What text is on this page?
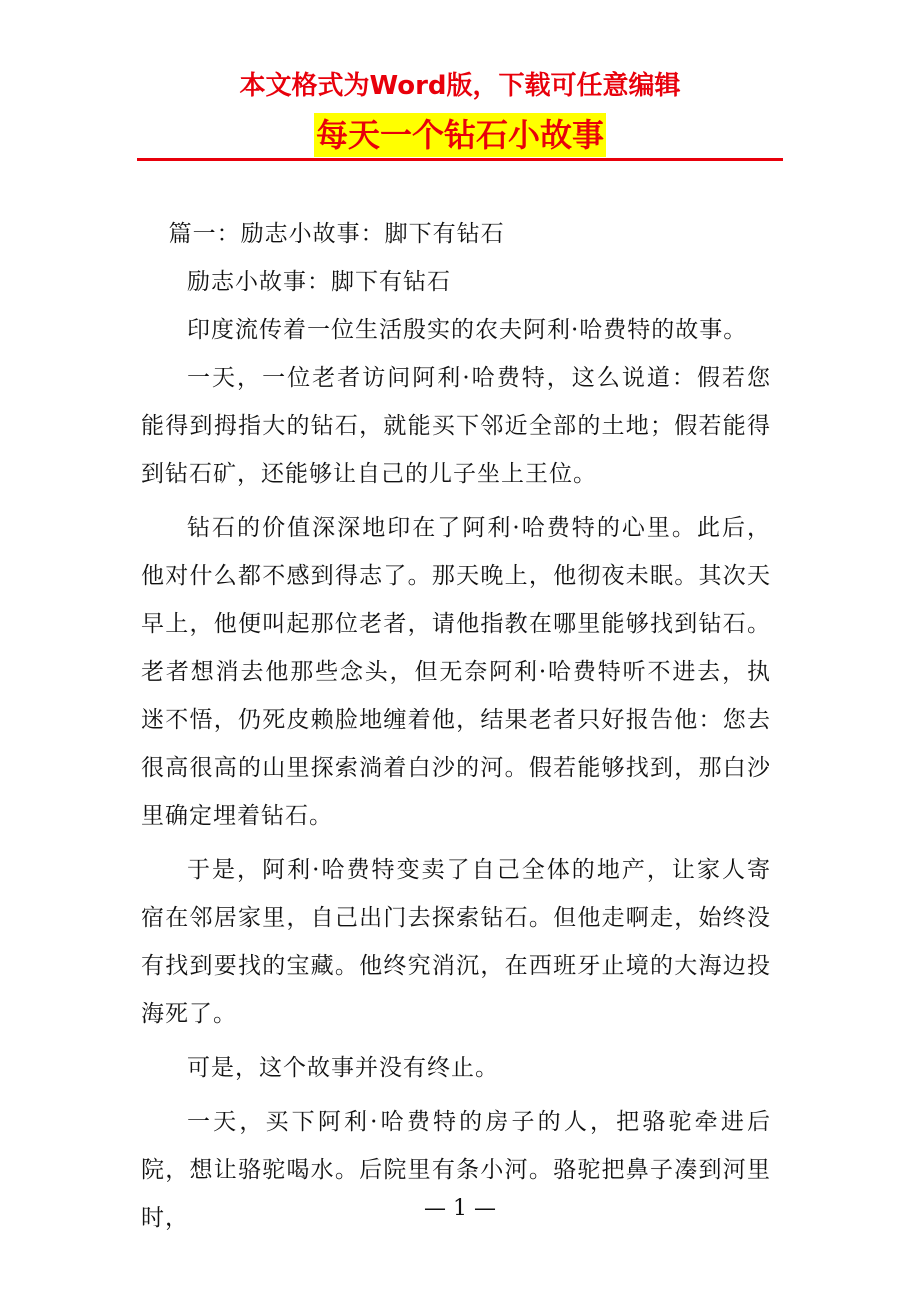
本文格式为Word版，下载可任意编辑
每天一个钻石小故事

篇一：励志小故事：脚下有钻石

励志小故事：脚下有钻石

印度流传着一位生活殷实的农夫阿利·哈费特的故事。

一天，一位老者访问阿利·哈费特，这么说道：假若您能得到拇指大的钻石，就能买下邻近全部的土地；假若能得到钻石矿，还能够让自己的儿子坐上王位。

钻石的价值深深地印在了阿利·哈费特的心里。此后，他对什么都不感到得志了。那天晚上，他彻夜未眠。其次天早上，他便叫起那位老者，请他指教在哪里能够找到钻石。老者想消去他那些念头，但无奈阿利·哈费特听不进去，执迷不悟，仍死皮赖脸地缠着他，结果老者只好报告他：您去很高很高的山里探索淌着白沙的河。假若能够找到，那白沙里确定埋着钻石。

于是，阿利·哈费特变卖了自己全体的地产，让家人寄宿在邻居家里，自己出门去探索钻石。但他走啊走，始终没有找到要找的宝藏。他终究消沉，在西班牙止境的大海边投海死了。

可是，这个故事并没有终止。

一天，买下阿利·哈费特的房子的人，把骆驼牵进后院，想让骆驼喝水。后院里有条小河。骆驼把鼻子凑到河里时，	— 1 —
